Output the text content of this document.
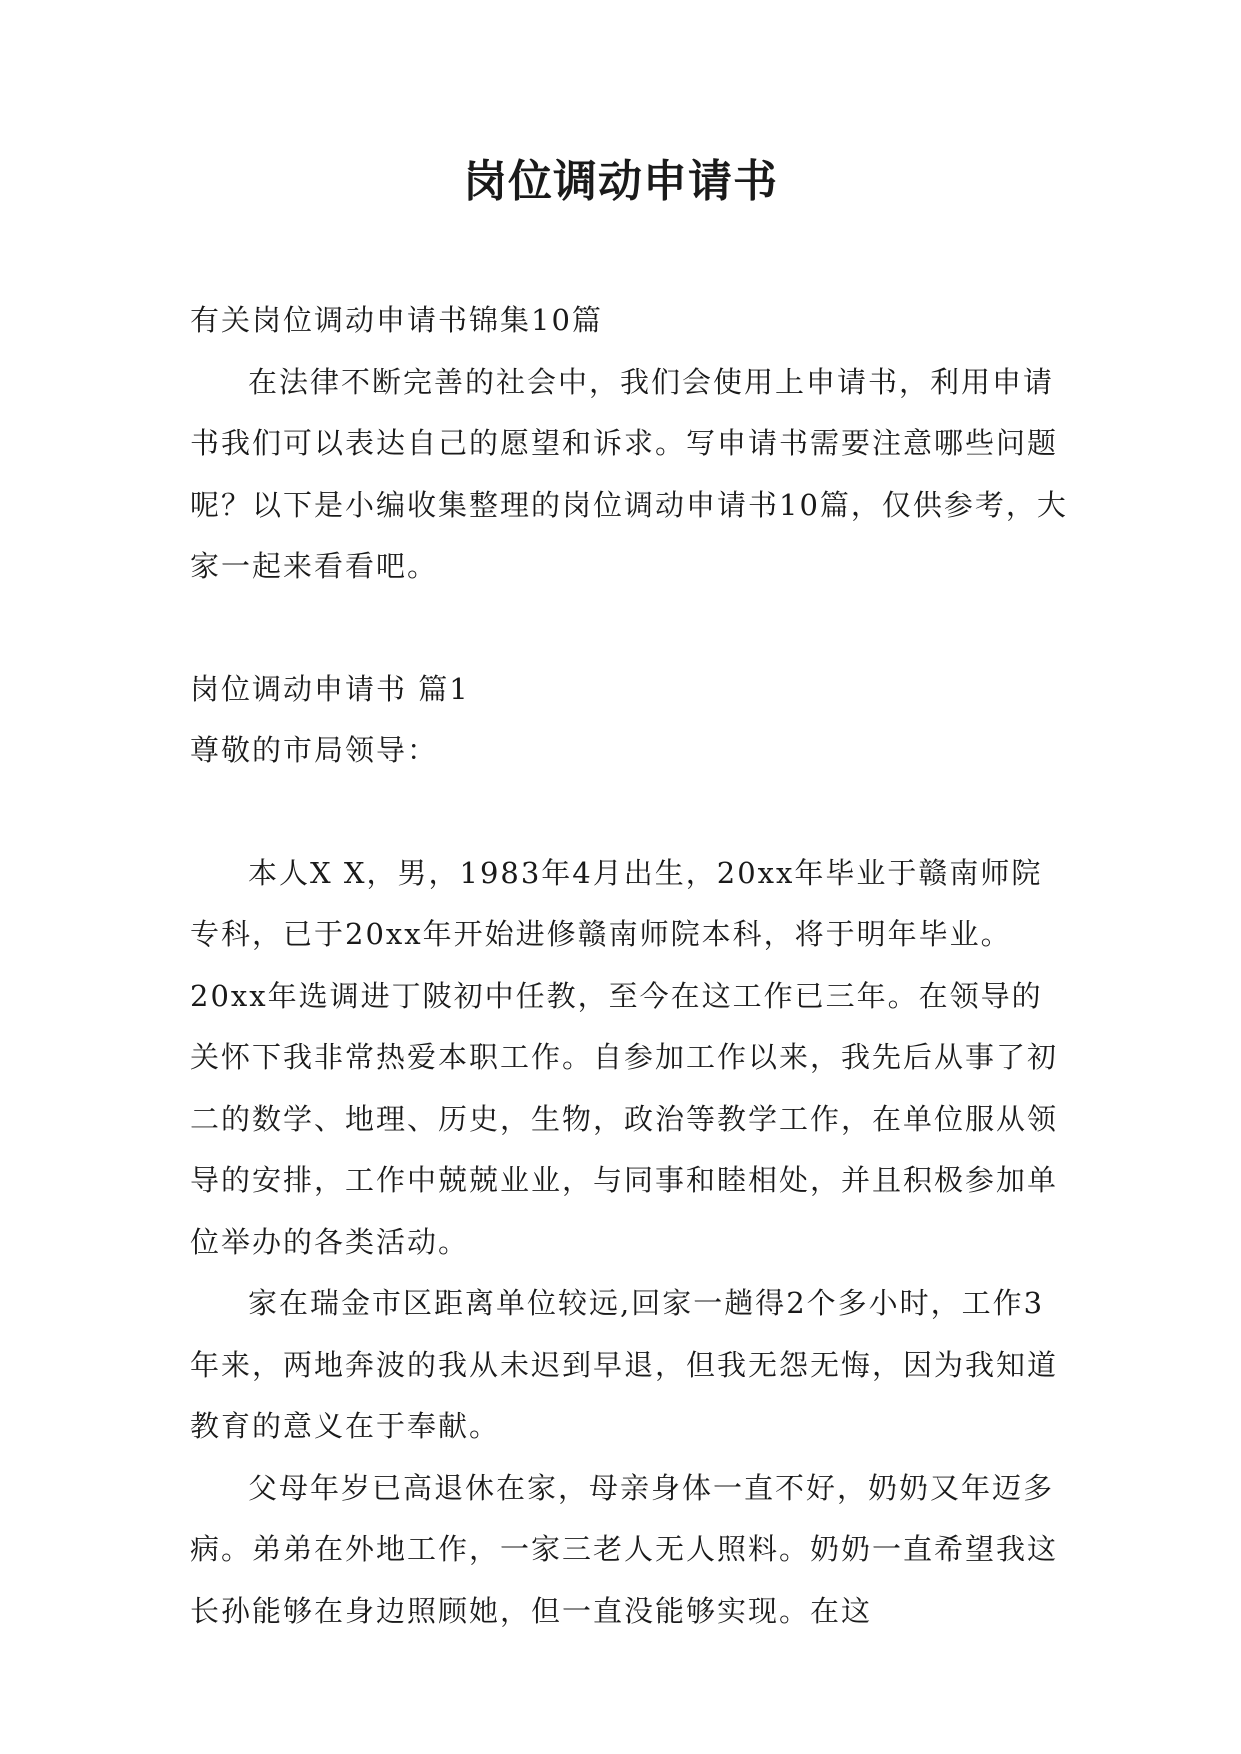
岗位调动申请书

有关岗位调动申请书锦集10篇

在法律不断完善的社会中，我们会使用上申请书，利用申请书我们可以表达自己的愿望和诉求。写申请书需要注意哪些问题呢？以下是小编收集整理的岗位调动申请书10篇，仅供参考，大家一起来看看吧。

岗位调动申请书 篇1

尊敬的市局领导：

本人X X，男，1983年4月出生，20xx年毕业于赣南师院专科，已于20xx年开始进修赣南师院本科，将于明年毕业。20xx年选调进丁陂初中任教，至今在这工作已三年。在领导的关怀下我非常热爱本职工作。自参加工作以来，我先后从事了初二的数学、地理、历史，生物，政治等教学工作，在单位服从领导的安排，工作中兢兢业业，与同事和睦相处，并且积极参加单位举办的各类活动。

家在瑞金市区距离单位较远,回家一趟得2个多小时，工作3年来，两地奔波的我从未迟到早退，但我无怨无悔，因为我知道教育的意义在于奉献。

父母年岁已高退休在家，母亲身体一直不好，奶奶又年迈多病。弟弟在外地工作，一家三老人无人照料。奶奶一直希望我这长孙能够在身边照顾她，但一直没能够实现。在这
